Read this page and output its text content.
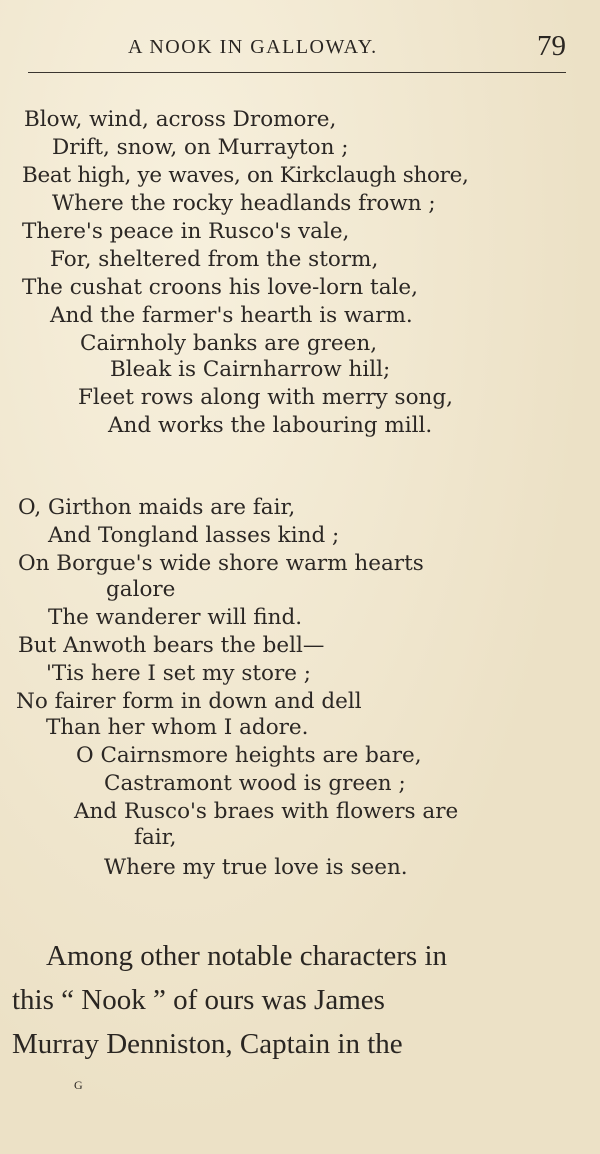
A NOOK IN GALLOWAY.	79
Blow, wind, across Dromore,
Drift, snow, on Murrayton ;
Beat high, ye waves, on Kirkclaugh shore,
Where the rocky headlands frown ;
There's peace in Rusco's vale,
For, sheltered from the storm,
The cushat croons his love-lorn tale,
And the farmer's hearth is warm.
Cairnholy banks are green,
Bleak is Cairnharrow hill;
Fleet rows along with merry song,
And works the labouring mill.
O, Girthon maids are fair,
And Tongland lasses kind ;
On Borgue's wide shore warm hearts
galore
The wanderer will find.
But Anwoth bears the bell—
'Tis here I set my store ;
No fairer form in down and dell
Than her whom I adore.
O Cairnsmore heights are bare,
Castramont wood is green ;
And Rusco's braes with flowers are
fair,
Where my true love is seen.
Among other notable characters in
this “ Nook ” of ours was James
Murray Denniston, Captain in the
G
